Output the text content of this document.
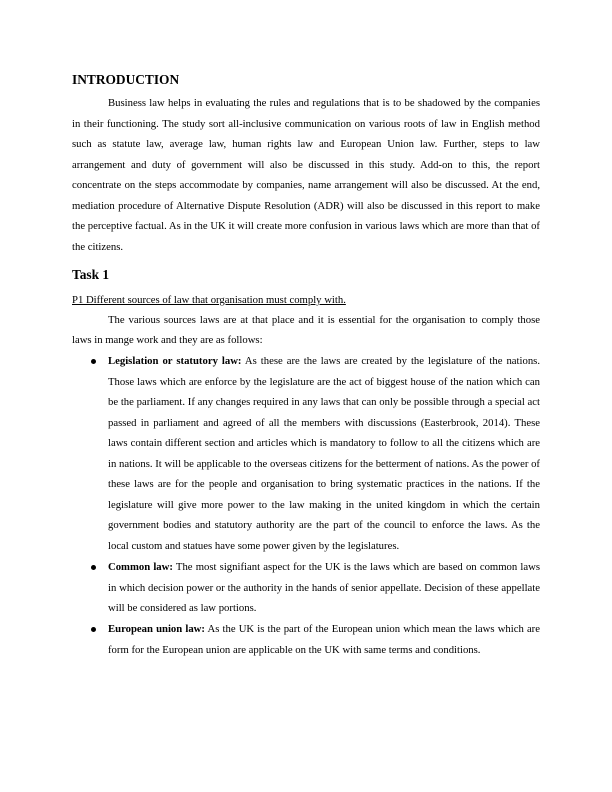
INTRODUCTION

Business law helps in evaluating the rules and regulations that is to be shadowed by the companies in their functioning. The study sort all-inclusive communication on various roots of law in English method such as statute law, average law, human rights law and European Union law. Further, steps to law arrangement and duty of government will also be discussed in this study. Add-on to this, the report concentrate on the steps accommodate by companies, name arrangement will also be discussed. At the end, mediation procedure of Alternative Dispute Resolution (ADR) will also be discussed in this report to make the perceptive factual. As in the UK it will create more confusion in various laws which are more than that of the citizens.

Task 1

P1 Different sources of law that organisation must comply with.

The various sources laws are at that place and it is essential for the organisation to comply those laws in mange work and they are as follows:

Legislation or statutory law: As these are the laws are created by the legislature of the nations. Those laws which are enforce by the legislature are the act of biggest house of the nation which can be the parliament. If any changes required in any laws that can only be possible through a special act passed in parliament and agreed of all the members with discussions (Easterbrook, 2014). These laws contain different section and articles which is mandatory to follow to all the citizens which are in nations. It will be applicable to the overseas citizens for the betterment of nations. As the power of these laws are for the people and organisation to bring systematic practices in the nations. If the legislature will give more power to the law making in the united kingdom in which the certain government bodies and statutory authority are the part of the council to enforce the laws. As the local custom and statues have some power given by the legislatures.
Common law: The most signifiant aspect for the UK is the laws which are based on common laws in which decision power or the authority in the hands of senior appellate. Decision of these appellate will be considered as law portions.
European union law: As the UK is the part of the European union which mean the laws which are form for the European union are applicable on the UK with same terms and conditions.
